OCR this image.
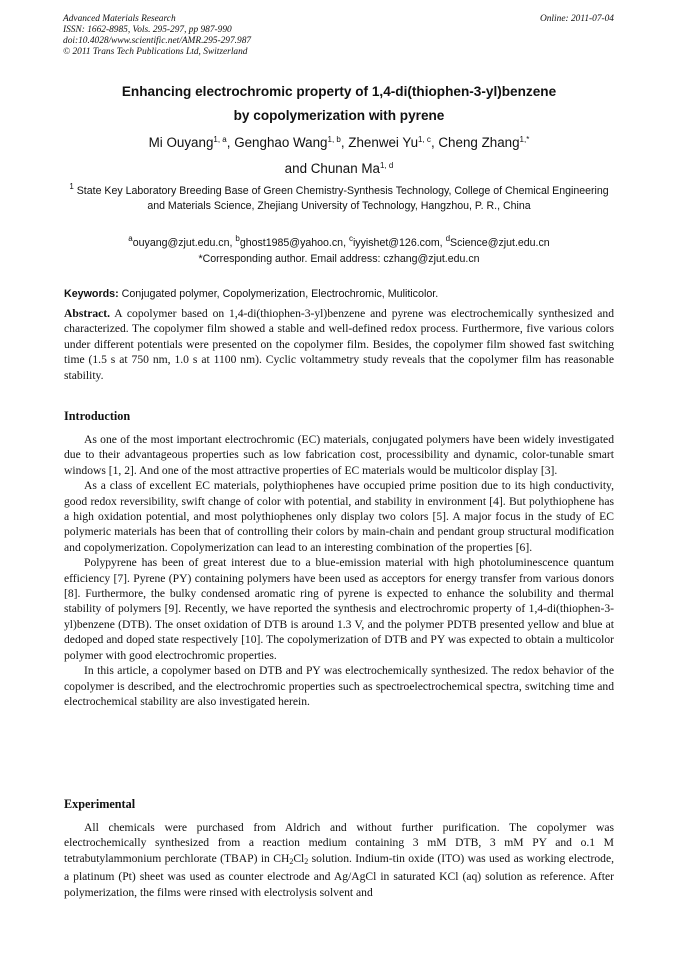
Advanced Materials Research
ISSN: 1662-8985, Vols. 295-297, pp 987-990
doi:10.4028/www.scientific.net/AMR.295-297.987
© 2011 Trans Tech Publications Ltd, Switzerland
Online: 2011-07-04
Enhancing electrochromic property of 1,4-di(thiophen-3-yl)benzene
by copolymerization with pyrene
Mi Ouyang$^{1, a}$, Genghao Wang$^{1, b}$, Zhenwei Yu$^{1, c}$, Cheng Zhang$^{1,*}$
and Chunan Ma$^{1, d}$
$^1$ State Key Laboratory Breeding Base of Green Chemistry-Synthesis Technology, College of Chemical Engineering and Materials Science, Zhejiang University of Technology, Hangzhou, P. R., China
$^a$ouyang@zjut.edu.cn, $^b$ghost1985@yahoo.cn, $^c$iyyishet@126.com, $^d$Science@zjut.edu.cn
*Corresponding author. Email address: czhang@zjut.edu.cn
Keywords: Conjugated polymer, Copolymerization, Electrochromic, Muliticolor.

Abstract. A copolymer based on 1,4-di(thiophen-3-yl)benzene and pyrene was electrochemically synthesized and characterized. The copolymer film showed a stable and well-defined redox process. Furthermore, five various colors under different potentials were presented on the copolymer film. Besides, the copolymer film showed fast switching time (1.5 s at 750 nm, 1.0 s at 1100 nm). Cyclic voltammetry study reveals that the copolymer film has reasonable stability.

Introduction

As one of the most important electrochromic (EC) materials, conjugated polymers have been widely investigated due to their advantageous properties such as low fabrication cost, processibility and dynamic, color-tunable smart windows [1, 2]. And one of the most attractive properties of EC materials would be multicolor display [3].

As a class of excellent EC materials, polythiophenes have occupied prime position due to its high conductivity, good redox reversibility, swift change of color with potential, and stability in environment [4]. But polythiophene has a high oxidation potential, and most polythiophenes only display two colors [5]. A major focus in the study of EC polymeric materials has been that of controlling their colors by main-chain and pendant group structural modification and copolymerization. Copolymerization can lead to an interesting combination of the properties [6].

Polypyrene has been of great interest due to a blue-emission material with high photoluminescence quantum efficiency [7]. Pyrene (PY) containing polymers have been used as acceptors for energy transfer from various donors [8]. Furthermore, the bulky condensed aromatic ring of pyrene is expected to enhance the solubility and thermal stability of polymers [9]. Recently, we have reported the synthesis and electrochromic property of 1,4-di(thiophen-3-yl)benzene (DTB). The onset oxidation of DTB is around 1.3 V, and the polymer PDTB presented yellow and blue at dedoped and doped state respectively [10]. The copolymerization of DTB and PY was expected to obtain a multicolor polymer with good electrochromic properties.

In this article, a copolymer based on DTB and PY was electrochemically synthesized. The redox behavior of the copolymer is described, and the electrochromic properties such as spectroelectrochemical spectra, switching time and electrochemical stability are also investigated herein.

Experimental

All chemicals were purchased from Aldrich and without further purification. The copolymer was electrochemically synthesized from a reaction medium containing 3 mM DTB, 3 mM PY and o.1 M tetrabutylammonium perchlorate (TBAP) in $CH_2Cl_2$ solution. Indium-tin oxide (ITO) was used as working electrode, a platinum (Pt) sheet was used as counter electrode and Ag/AgCl in saturated KCl (aq) solution as reference. After polymerization, the films were rinsed with electrolysis solvent and
